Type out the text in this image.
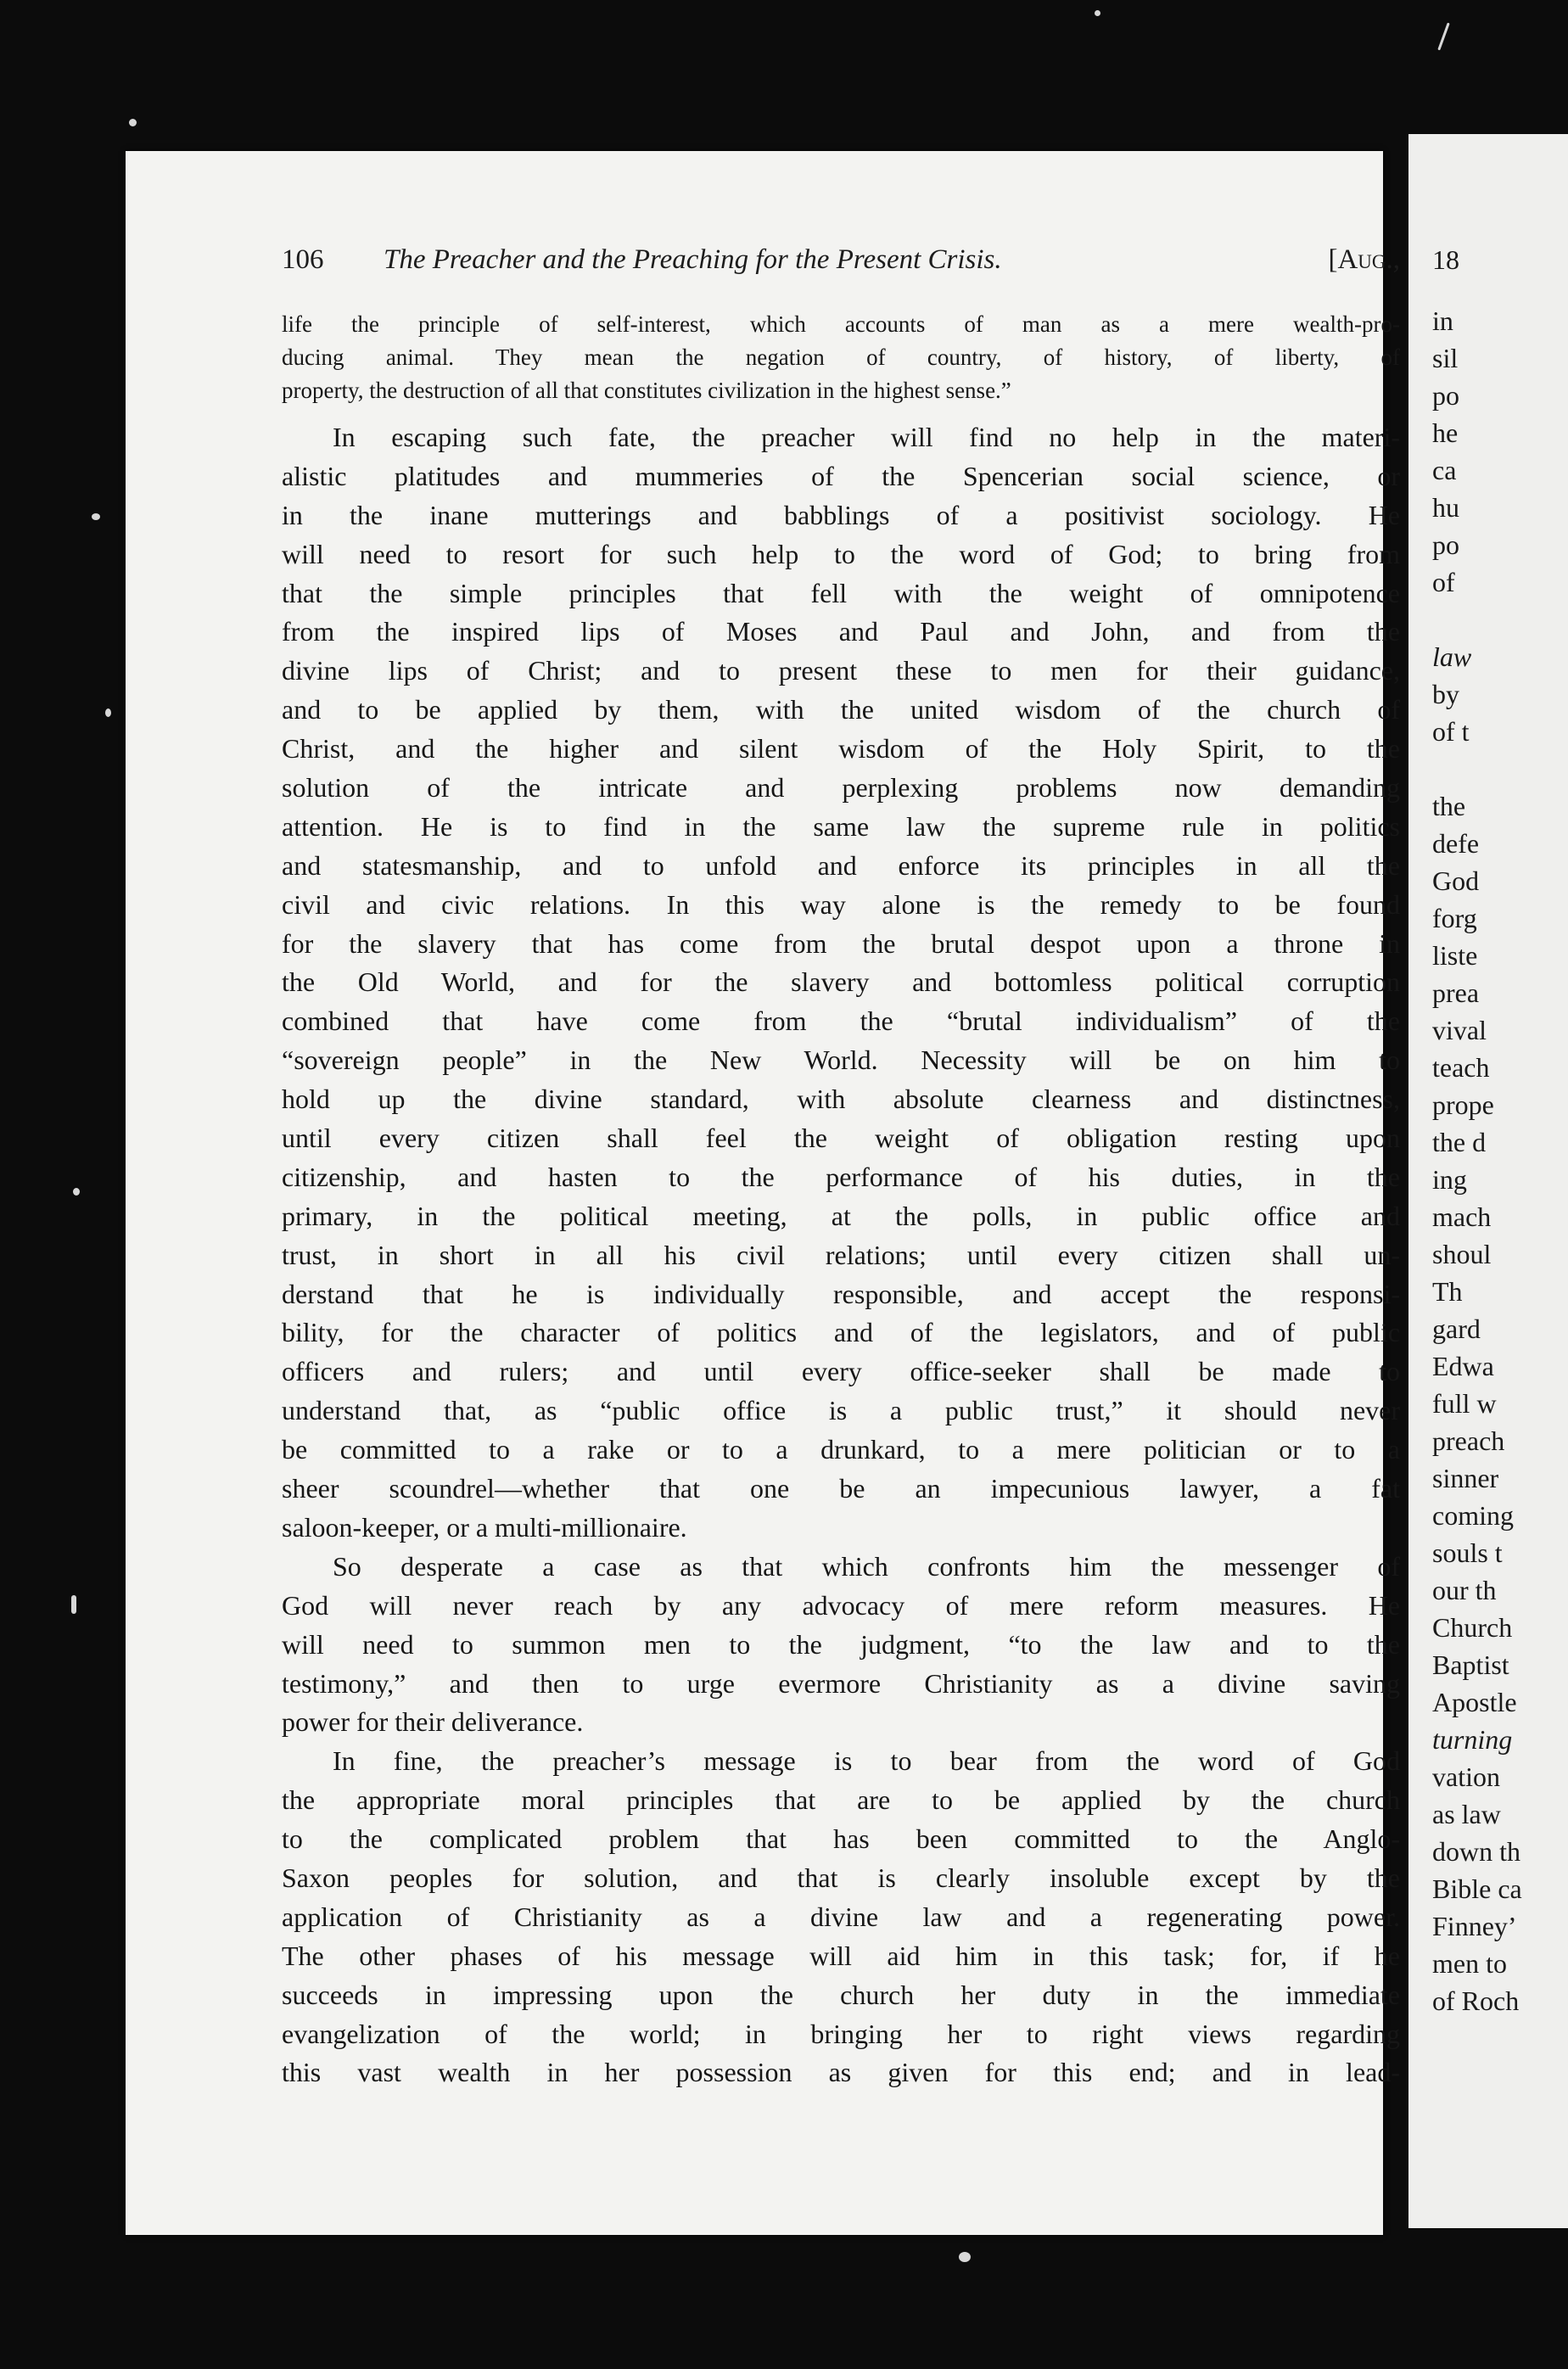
106 The Preacher and the Preaching for the Present Crisis.	[Aug.,
life the principle of self-interest, which accounts of man as a mere wealth-pro-
ducing animal. They mean the negation of country, of history, of liberty, of
property, the destruction of all that constitutes civilization in the highest sense.”
In escaping such fate, the preacher will find no help in the materi-
alistic platitudes and mummeries of the Spencerian social science, or
in the inane mutterings and babblings of a positivist sociology. He
will need to resort for such help to the word of God; to bring from
that the simple principles that fell with the weight of omnipotence
from the inspired lips of Moses and Paul and John, and from the
divine lips of Christ; and to present these to men for their guidance,
and to be applied by them, with the united wisdom of the church of
Christ, and the higher and silent wisdom of the Holy Spirit, to the
solution of the intricate and perplexing problems now demanding
attention. He is to find in the same law the supreme rule in politics
and statesmanship, and to unfold and enforce its principles in all the
civil and civic relations. In this way alone is the remedy to be found
for the slavery that has come from the brutal despot upon a throne in
the Old World, and for the slavery and bottomless political corruption
combined that have come from the “brutal individualism” of the
“sovereign people” in the New World. Necessity will be on him to
hold up the divine standard, with absolute clearness and distinctness,
until every citizen shall feel the weight of obligation resting upon
citizenship, and hasten to the performance of his duties, in the
primary, in the political meeting, at the polls, in public office and
trust, in short in all his civil relations; until every citizen shall un-
derstand that he is individually responsible, and accept the responsi-
bility, for the character of politics and of the legislators, and of public
officers and rulers; and until every office-seeker shall be made to
understand that, as “public office is a public trust,” it should never
be committed to a rake or to a drunkard, to a mere politician or to a
sheer scoundrel—whether that one be an impecunious lawyer, a fat
saloon-keeper, or a multi-millionaire.
So desperate a case as that which confronts him the messenger of
God will never reach by any advocacy of mere reform measures. He
will need to summon men to the judgment, “to the law and to the
testimony,” and then to urge evermore Christianity as a divine saving
power for their deliverance.
In fine, the preacher’s message is to bear from the word of God
the appropriate moral principles that are to be applied by the church
to the complicated problem that has been committed to the Anglo-
Saxon peoples for solution, and that is clearly insoluble except by the
application of Christianity as a divine law and a regenerating power.
The other phases of his message will aid him in this task; for, if he
succeeds in impressing upon the church her duty in the immediate
evangelization of the world; in bringing her to right views regarding
this vast wealth in her possession as given for this end; and in lead-
18
in
sil
po
he
ca
hu
po
of
law
by
of t
the
defe
God
forg
liste
prea
vival
teach
prope
the d
ing
mach
shoul
Th
gard
Edwa
full w
preach
sinner
coming
souls t
our th
Church
Baptist
Apostle
turning
vation
as law
down th
Bible ca
Finney’
men to
of Roch
